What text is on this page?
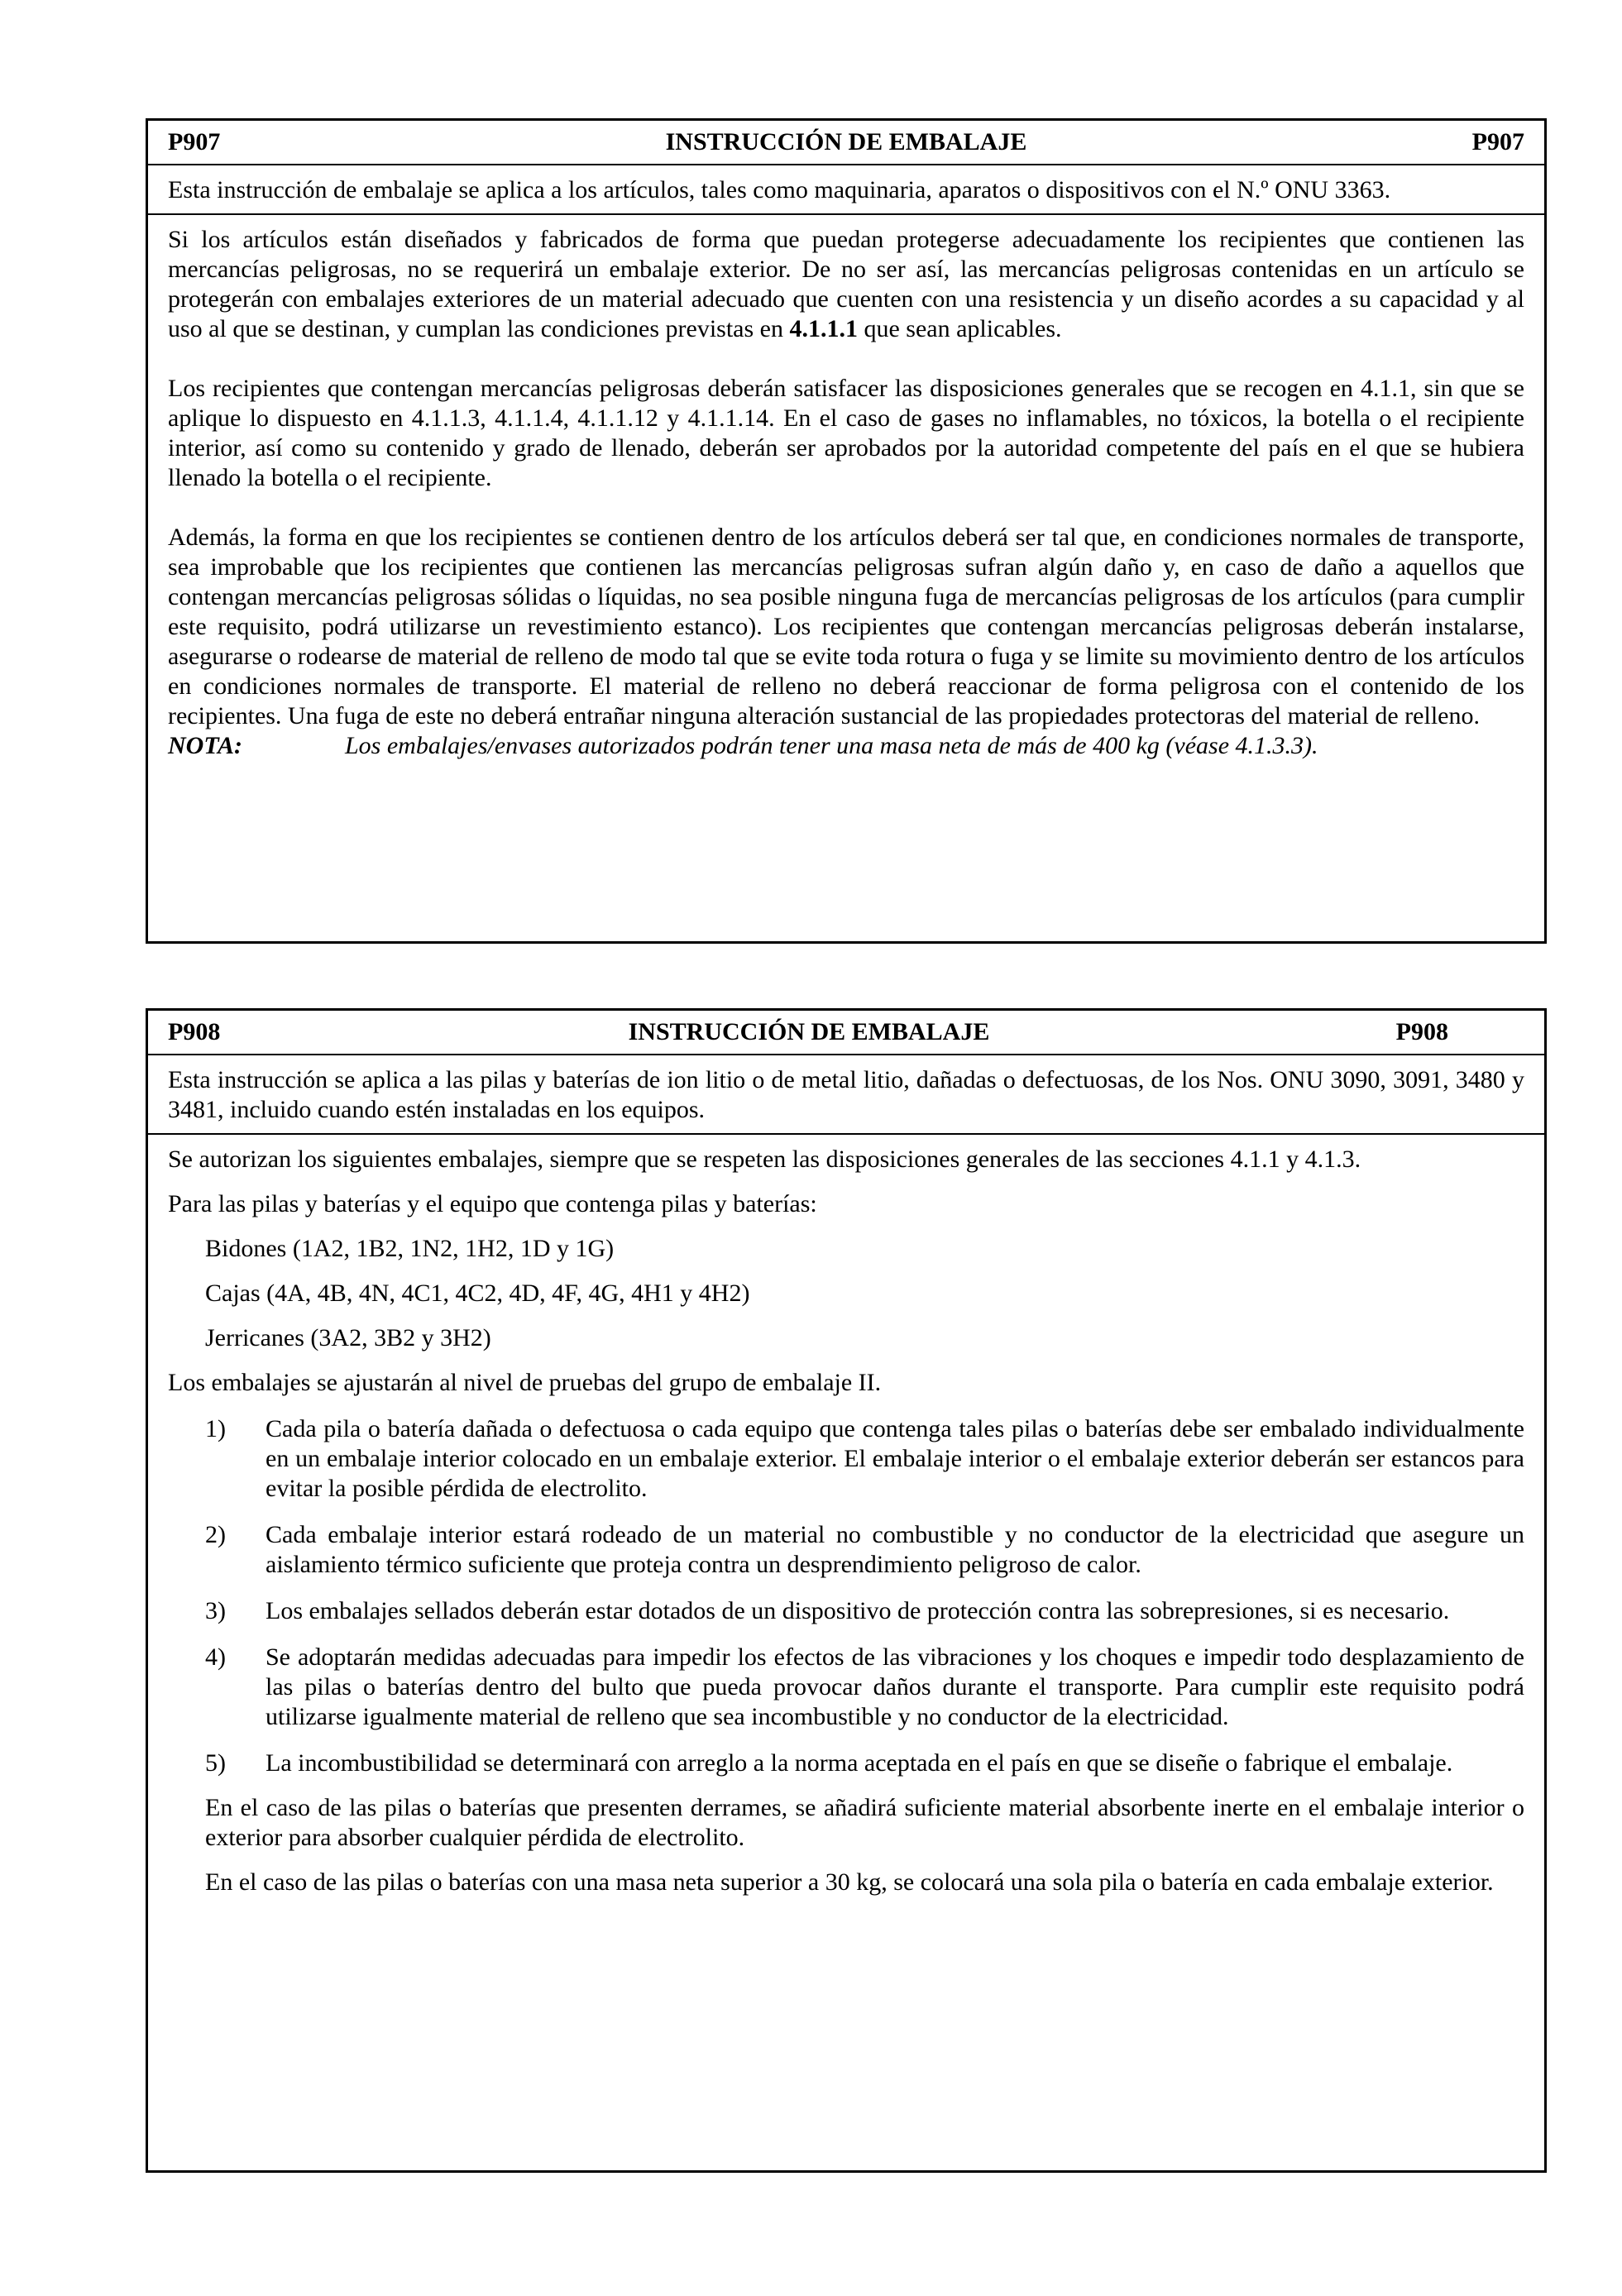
P907	INSTRUCCIÓN DE EMBALAJE	P907

Esta instrucción de embalaje se aplica a los artículos, tales como maquinaria, aparatos o dispositivos con el N.º ONU 3363.

Si los artículos están diseñados y fabricados de forma que puedan protegerse adecuadamente los recipientes que contienen las mercancías peligrosas, no se requerirá un embalaje exterior. De no ser así, las mercancías peligrosas contenidas en un artículo se protegerán con embalajes exteriores de un material adecuado que cuenten con una resistencia y un diseño acordes a su capacidad y al uso al que se destinan, y cumplan las condiciones previstas en 4.1.1.1 que sean aplicables.

Los recipientes que contengan mercancías peligrosas deberán satisfacer las disposiciones generales que se recogen en 4.1.1, sin que se aplique lo dispuesto en 4.1.1.3, 4.1.1.4, 4.1.1.12 y 4.1.1.14. En el caso de gases no inflamables, no tóxicos, la botella o el recipiente interior, así como su contenido y grado de llenado, deberán ser aprobados por la autoridad competente del país en el que se hubiera llenado la botella o el recipiente.

Además, la forma en que los recipientes se contienen dentro de los artículos deberá ser tal que, en condiciones normales de transporte, sea improbable que los recipientes que contienen las mercancías peligrosas sufran algún daño y, en caso de daño a aquellos que contengan mercancías peligrosas sólidas o líquidas, no sea posible ninguna fuga de mercancías peligrosas de los artículos (para cumplir este requisito, podrá utilizarse un revestimiento estanco). Los recipientes que contengan mercancías peligrosas deberán instalarse, asegurarse o rodearse de material de relleno de modo tal que se evite toda rotura o fuga y se limite su movimiento dentro de los artículos en condiciones normales de transporte. El material de relleno no deberá reaccionar de forma peligrosa con el contenido de los recipientes. Una fuga de este no deberá entrañar ninguna alteración sustancial de las propiedades protectoras del material de relleno.

NOTA:	Los embalajes/envases autorizados podrán tener una masa neta de más de 400 kg (véase 4.1.3.3).
P908	INSTRUCCIÓN DE EMBALAJE	P908

Esta instrucción se aplica a las pilas y baterías de ion litio o de metal litio, dañadas o defectuosas, de los Nos. ONU 3090, 3091, 3480 y 3481, incluido cuando estén instaladas en los equipos.

Se autorizan los siguientes embalajes, siempre que se respeten las disposiciones generales de las secciones 4.1.1 y 4.1.3.

Para las pilas y baterías y el equipo que contenga pilas y baterías:

Bidones (1A2, 1B2, 1N2, 1H2, 1D y 1G)

Cajas (4A, 4B, 4N, 4C1, 4C2, 4D, 4F, 4G, 4H1 y 4H2)

Jerricanes (3A2, 3B2 y 3H2)

Los embalajes se ajustarán al nivel de pruebas del grupo de embalaje II.

1)	Cada pila o batería dañada o defectuosa o cada equipo que contenga tales pilas o baterías debe ser embalado individualmente en un embalaje interior colocado en un embalaje exterior. El embalaje interior o el embalaje exterior deberán ser estancos para evitar la posible pérdida de electrolito.
2)	Cada embalaje interior estará rodeado de un material no combustible y no conductor de la electricidad que asegure un aislamiento térmico suficiente que proteja contra un desprendimiento peligroso de calor.
3)	Los embalajes sellados deberán estar dotados de un dispositivo de protección contra las sobrepresiones, si es necesario.
4)	Se adoptarán medidas adecuadas para impedir los efectos de las vibraciones y los choques e impedir todo desplazamiento de las pilas o baterías dentro del bulto que pueda provocar daños durante el transporte. Para cumplir este requisito podrá utilizarse igualmente material de relleno que sea incombustible y no conductor de la electricidad.
5)	La incombustibilidad se determinará con arreglo a la norma aceptada en el país en que se diseñe o fabrique el embalaje.

En el caso de las pilas o baterías que presenten derrames, se añadirá suficiente material absorbente inerte en el embalaje interior o exterior para absorber cualquier pérdida de electrolito.

En el caso de las pilas o baterías con una masa neta superior a 30 kg, se colocará una sola pila o batería en cada embalaje exterior.
